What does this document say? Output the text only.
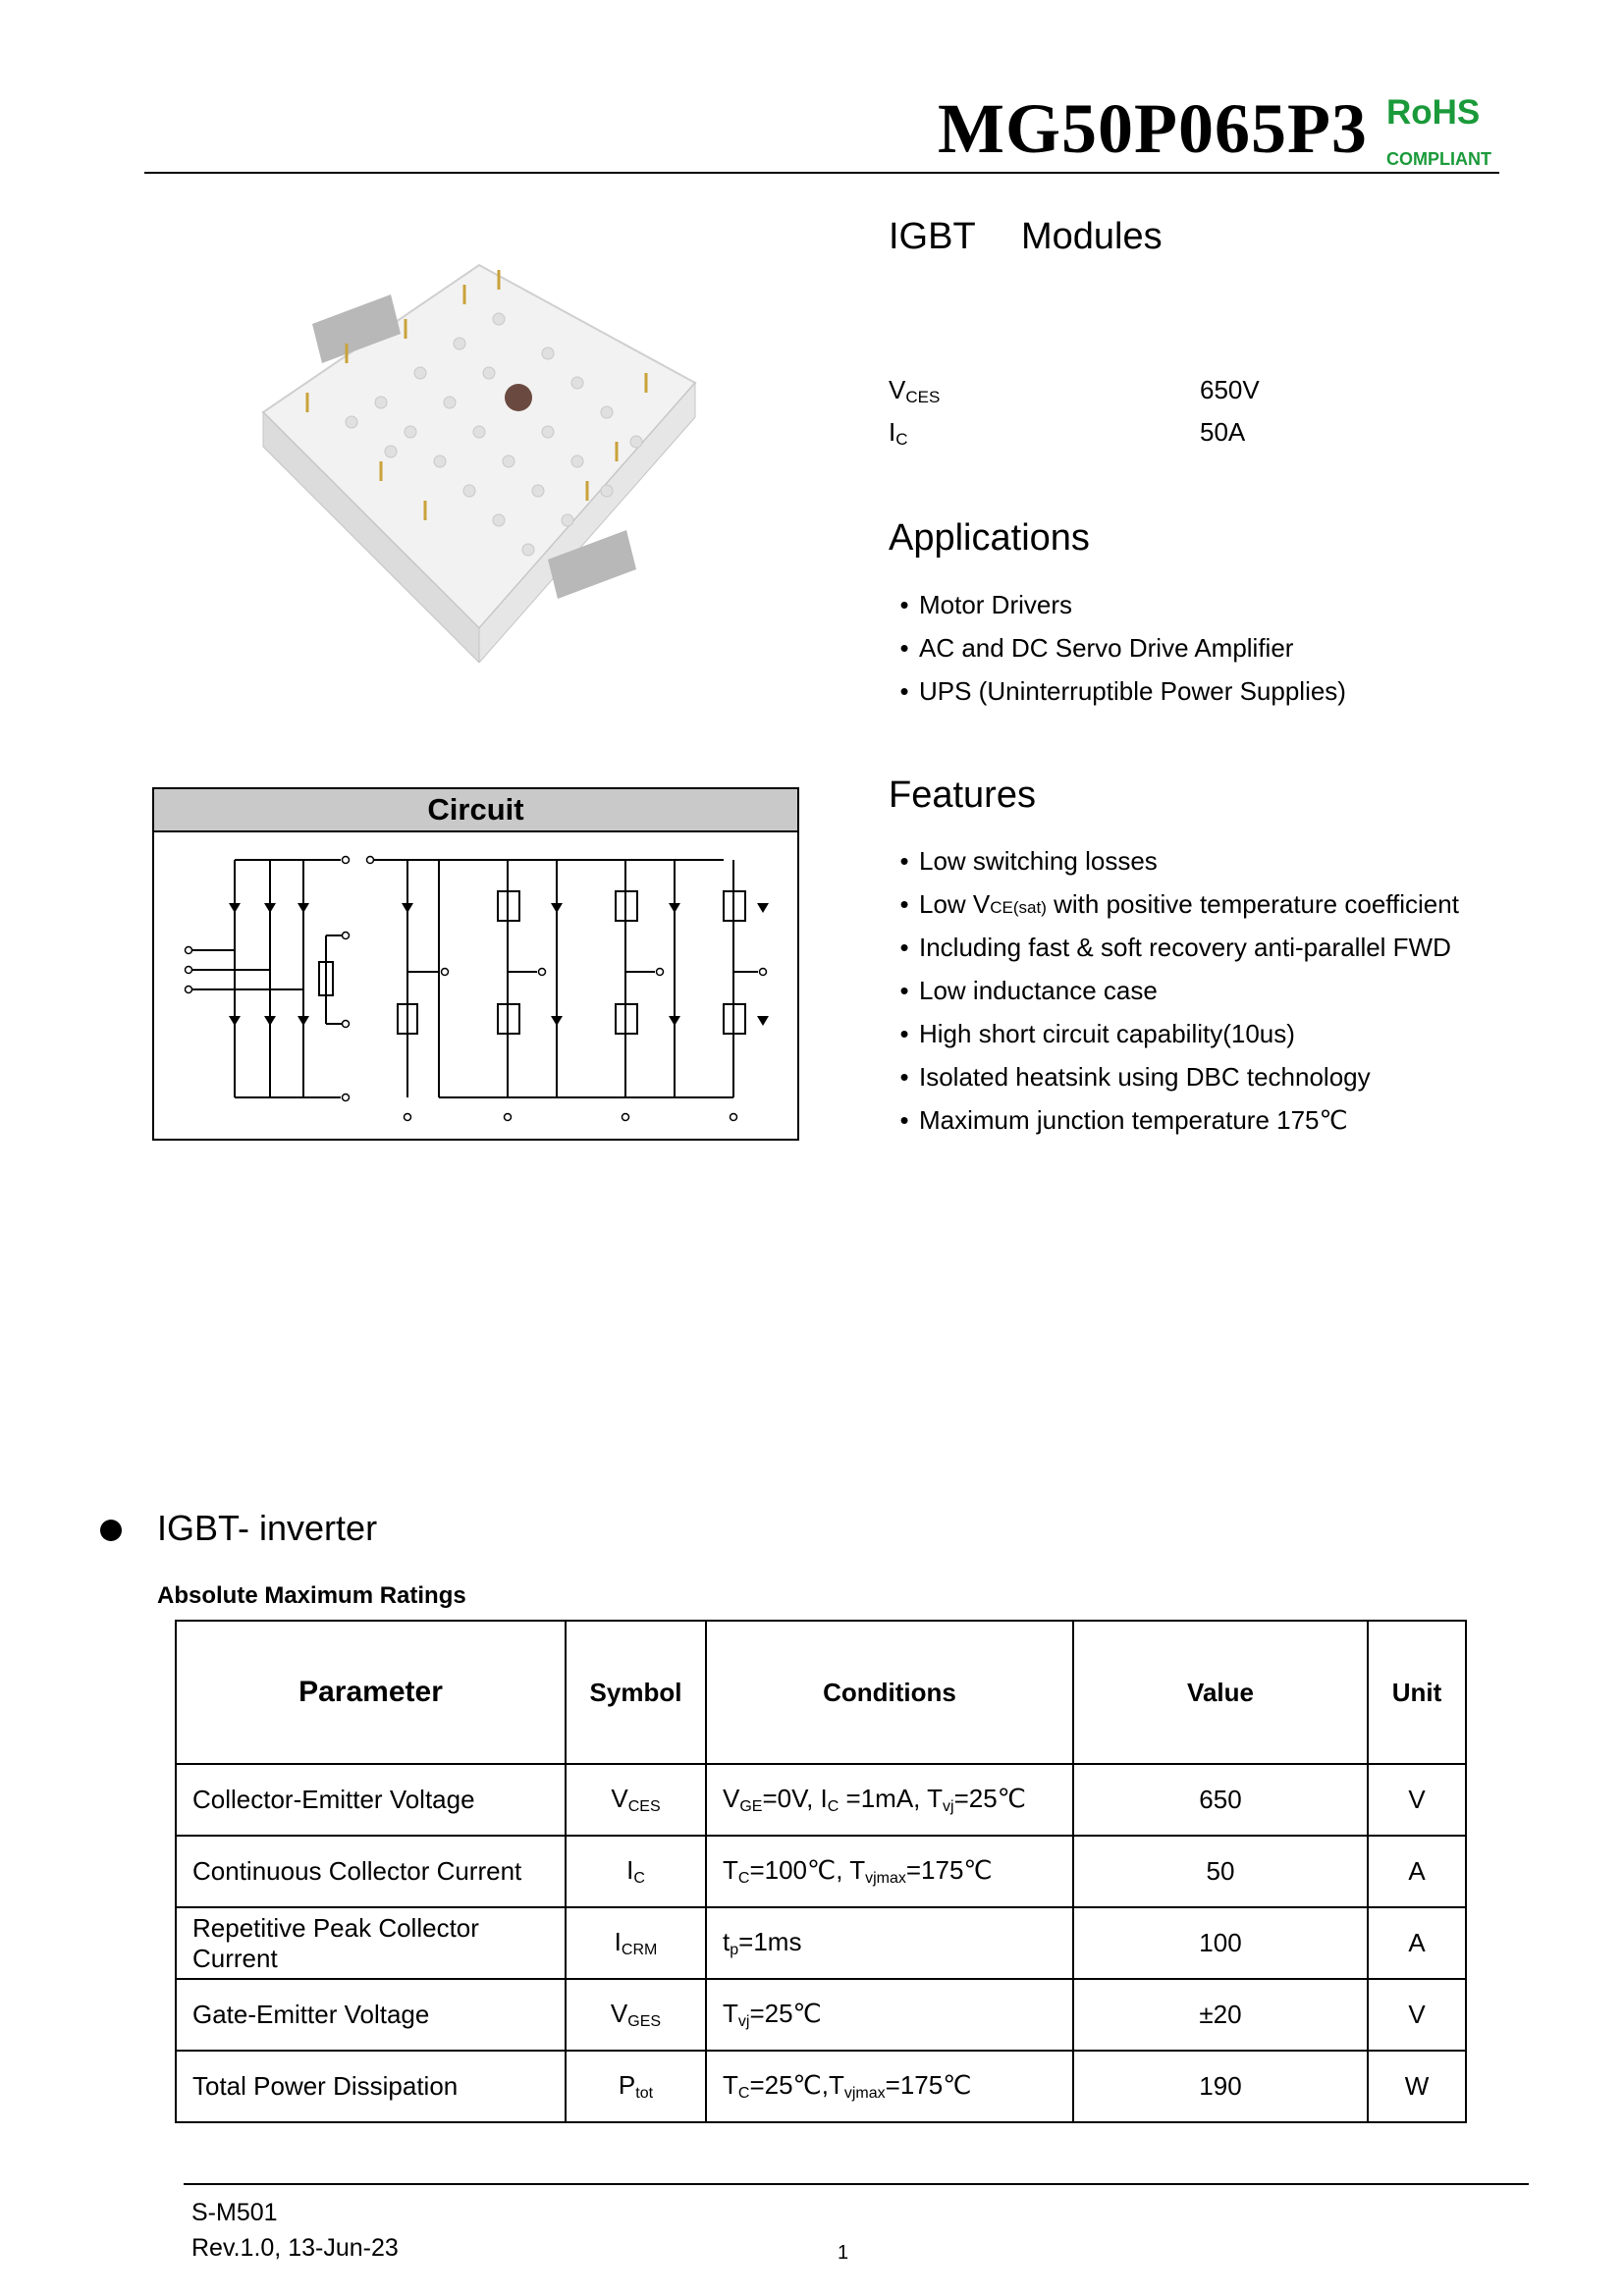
MG50P065P3 RoHS
COMPLIANT
IGBT Modules
$V_{CES}$	650V
$I_C$	50A
Applications
• Motor Drivers
• AC and DC Servo Drive Amplifier
• UPS (Uninterruptible Power Supplies)
Features
• Low switching losses
• Low VCE(sat) with positive temperature coefficient
• Including fast & soft recovery anti-parallel FWD
• Low inductance case
• High short circuit capability(10us)
• Isolated heatsink using DBC technology
• Maximum junction temperature 175℃
Circuit
IGBT- inverter
Absolute Maximum Ratings
Parameter	Symbol	Conditions	Value	Unit
Collector-Emitter Voltage	$V_{CES}$	$V_{GE}=0V$, $I_C =1mA$, $T_{vj}=25℃$	650	V
Continuous Collector Current	$I_C$	$T_C=100℃$, $T_{vjmax}=175℃$	50	A
Repetitive Peak Collector Current	$I_{CRM}$	$t_p=1ms$	100	A
Gate-Emitter Voltage	$V_{GES}$	$T_{vj}=25℃$	±20	V
Total Power Dissipation	$P_{tot}$	$T_C=25℃,T_{vjmax}=175℃$	190	W
S-M501
Rev.1.0, 13-Jun-23	1
